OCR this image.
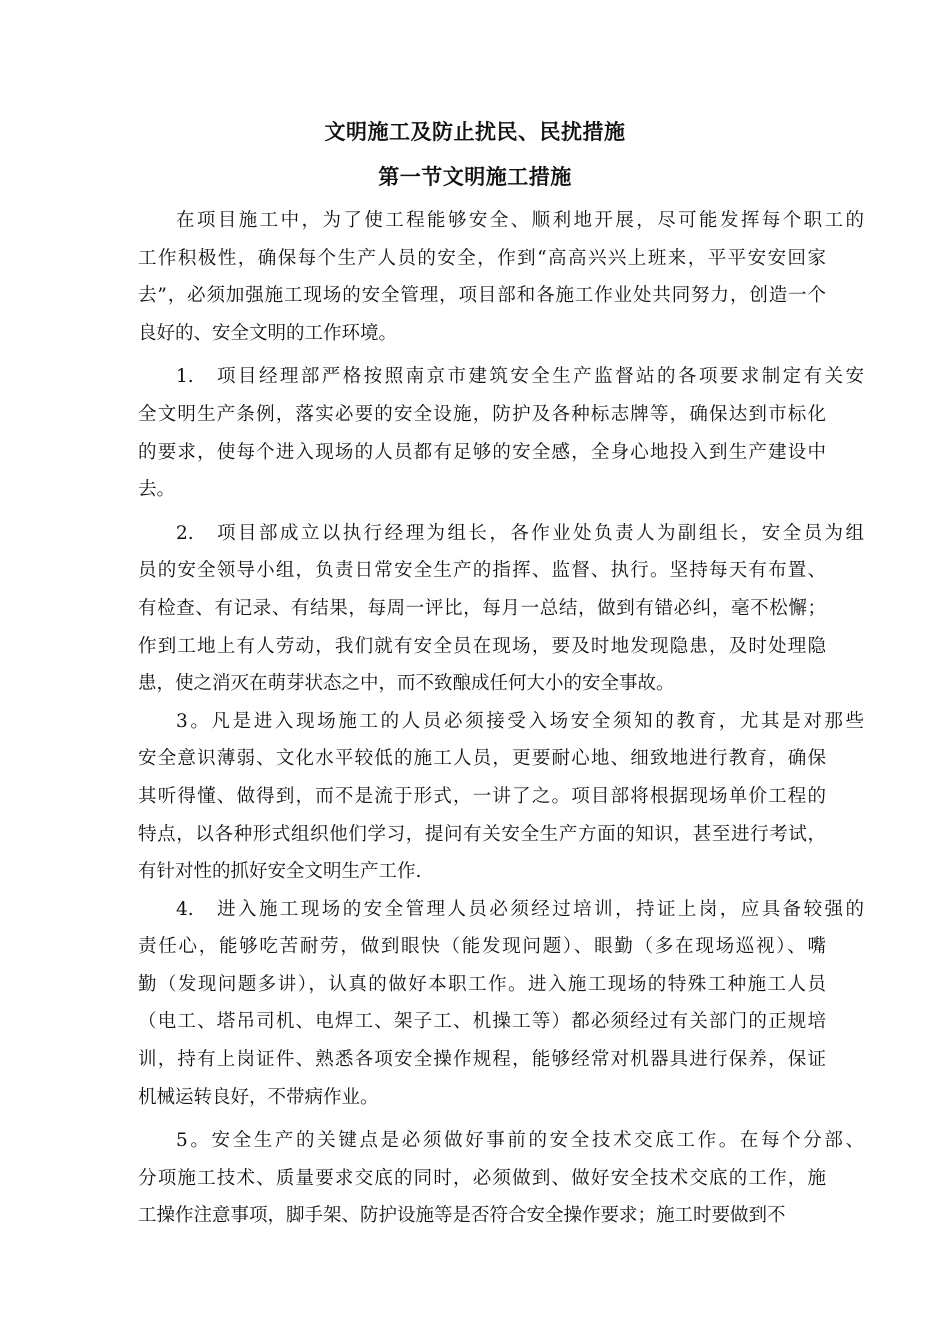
文明施工及防止扰民、民扰措施
第一节文明施工措施
在项目施工中，为了使工程能够安全、顺利地开展，尽可能发挥每个职工的
工作积极性，确保每个生产人员的安全，作到“高高兴兴上班来，平平安安回家
去”，必须加强施工现场的安全管理，项目部和各施工作业处共同努力，创造一个
良好的、安全文明的工作环境。
1.　项目经理部严格按照南京市建筑安全生产监督站的各项要求制定有关安
全文明生产条例，落实必要的安全设施，防护及各种标志牌等，确保达到市标化
的要求，使每个进入现场的人员都有足够的安全感，全身心地投入到生产建设中
去。
2.　项目部成立以执行经理为组长，各作业处负责人为副组长，安全员为组
员的安全领导小组，负责日常安全生产的指挥、监督、执行。坚持每天有布置、
有检查、有记录、有结果，每周一评比，每月一总结，做到有错必纠，毫不松懈；
作到工地上有人劳动，我们就有安全员在现场，要及时地发现隐患，及时处理隐
患，使之消灭在萌芽状态之中，而不致酿成任何大小的安全事故。
3。凡是进入现场施工的人员必须接受入场安全须知的教育，尤其是对那些
安全意识薄弱、文化水平较低的施工人员，更要耐心地、细致地进行教育，确保
其听得懂、做得到，而不是流于形式，一讲了之。项目部将根据现场单价工程的
特点，以各种形式组织他们学习，提问有关安全生产方面的知识，甚至进行考试，
有针对性的抓好安全文明生产工作.
4.　进入施工现场的安全管理人员必须经过培训，持证上岗，应具备较强的
责任心，能够吃苦耐劳，做到眼快（能发现问题）、眼勤（多在现场巡视）、嘴
勤（发现问题多讲），认真的做好本职工作。进入施工现场的特殊工种施工人员
（电工、塔吊司机、电焊工、架子工、机操工等）都必须经过有关部门的正规培
训，持有上岗证件、熟悉各项安全操作规程，能够经常对机器具进行保养，保证
机械运转良好，不带病作业。
5。安全生产的关键点是必须做好事前的安全技术交底工作。在每个分部、
分项施工技术、质量要求交底的同时，必须做到、做好安全技术交底的工作，施
工操作注意事项，脚手架、防护设施等是否符合安全操作要求；施工时要做到不
